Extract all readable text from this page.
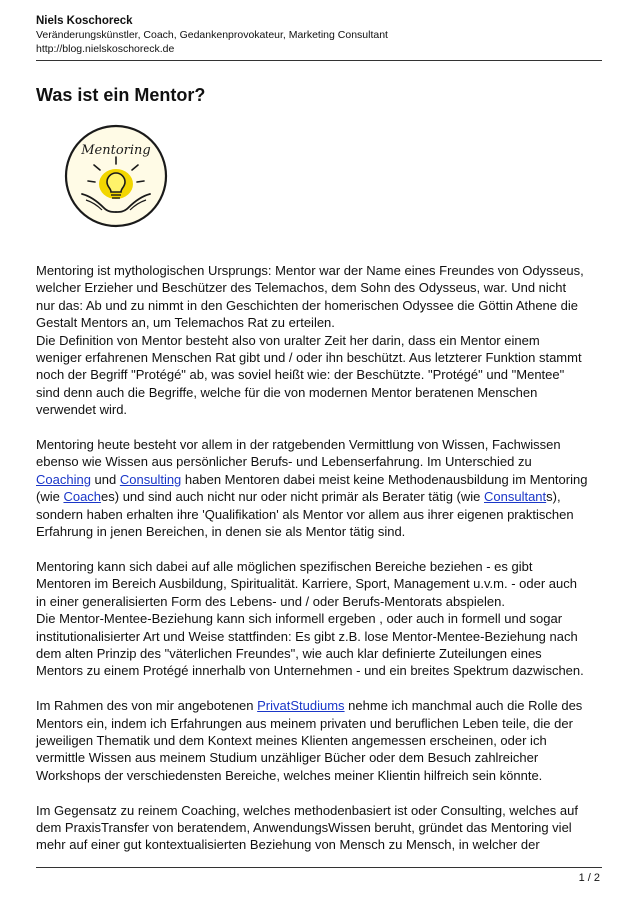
Niels Koschoreck

Veränderungskünstler, Coach, Gedankenprovokateur, Marketing Consultant

http://blog.nielskoschoreck.de

Was ist ein Mentor?
Mentoring

Mentoring ist mythologischen Ursprungs: Mentor war der Name eines Freundes von Odysseus,
welcher Erzieher und Beschützer des Telemachos, dem Sohn des Odysseus, war. Und nicht
nur das: Ab und zu nimmt in den Geschichten der homerischen Odyssee die Göttin Athene die
Gestalt Mentors an, um Telemachos Rat zu erteilen.
Die Definition von Mentor besteht also von uralter Zeit her darin, dass ein Mentor einem
weniger erfahrenen Menschen Rat gibt und / oder ihn beschützt. Aus letzterer Funktion stammt
noch der Begriff "Protégé" ab, was soviel heißt wie: der Beschützte. "Protégé" und "Mentee"
sind denn auch die Begriffe, welche für die von modernen Mentor beratenen Menschen
verwendet wird.

Mentoring heute besteht vor allem in der ratgebenden Vermittlung von Wissen, Fachwissen
ebenso wie Wissen aus persönlicher Berufs- und Lebenserfahrung. Im Unterschied zu
Coaching und Consulting haben Mentoren dabei meist keine Methodenausbildung im Mentoring
(wie Coaches) und sind auch nicht nur oder nicht primär als Berater tätig (wie Consultants),
sondern haben erhalten ihre 'Qualifikation' als Mentor vor allem aus ihrer eigenen praktischen
Erfahrung in jenen Bereichen, in denen sie als Mentor tätig sind.

Mentoring kann sich dabei auf alle möglichen spezifischen Bereiche beziehen - es gibt
Mentoren im Bereich Ausbildung, Spiritualität. Karriere, Sport, Management u.v.m. - oder auch
in einer generalisierten Form des Lebens- und / oder Berufs-Mentorats abspielen.
Die Mentor-Mentee-Beziehung kann sich informell ergeben , oder auch in formell und sogar
institutionalisierter Art und Weise stattfinden: Es gibt z.B. lose Mentor-Mentee-Beziehung nach
dem alten Prinzip des "väterlichen Freundes", wie auch klar definierte Zuteilungen eines
Mentors zu einem Protégé innerhalb von Unternehmen - und ein breites Spektrum dazwischen.

Im Rahmen des von mir angebotenen PrivatStudiums nehme ich manchmal auch die Rolle des
Mentors ein, indem ich Erfahrungen aus meinem privaten und beruflichen Leben teile, die der
jeweiligen Thematik und dem Kontext meines Klienten angemessen erscheinen, oder ich
vermittle Wissen aus meinem Studium unzähliger Bücher oder dem Besuch zahlreicher
Workshops der verschiedensten Bereiche, welches meiner Klientin hilfreich sein könnte.

Im Gegensatz zu reinem Coaching, welches methodenbasiert ist oder Consulting, welches auf
dem PraxisTransfer von beratendem, AnwendungsWissen beruht, gründet das Mentoring viel
mehr auf einer gut kontextualisierten Beziehung von Mensch zu Mensch, in welcher der

1 / 2
